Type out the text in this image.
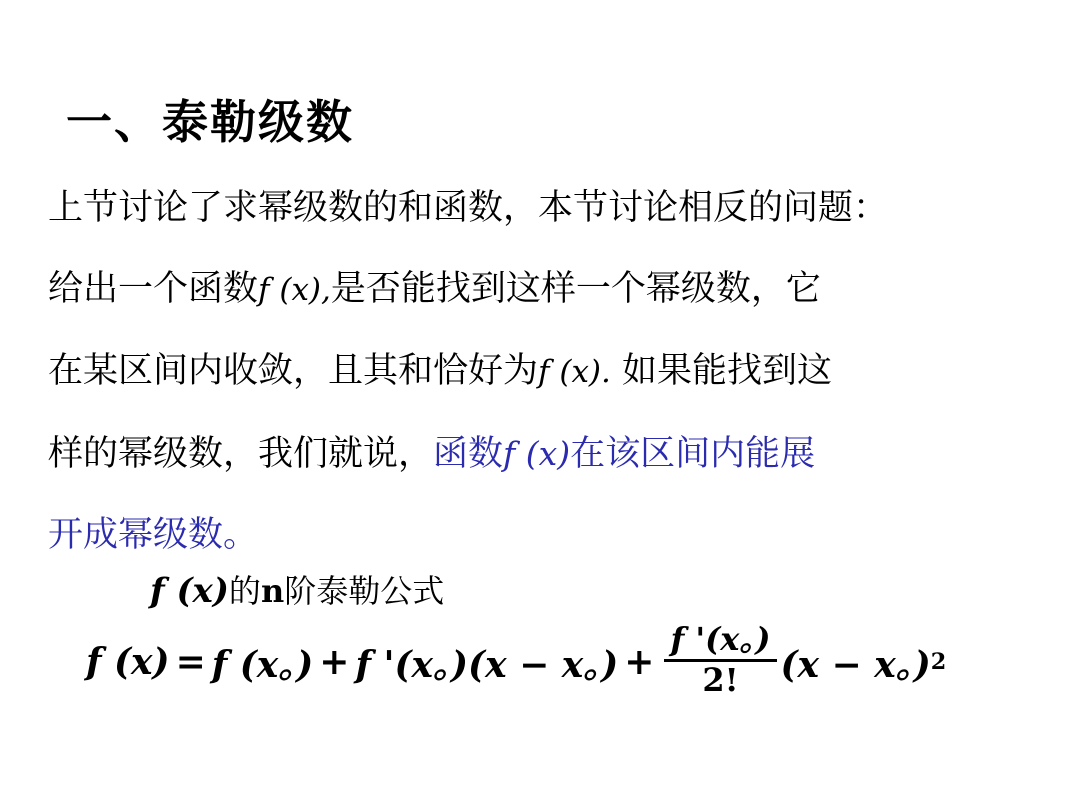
一、泰勒级数
上节讨论了求幂级数的和函数，本节讨论相反的问题：
给出一个函数f (x),是否能找到这样一个幂级数，它
在某区间内收敛，且其和恰好为f (x). 如果能找到这
样的幂级数，我们就说，函数f (x)在该区间内能展
开成幂级数。
f (x)的n阶泰勒公式
f (x) = f (x。) + f '(x。)(x − x。) + $\frac{f '(x。)}{2!} (x - x$。) 2
